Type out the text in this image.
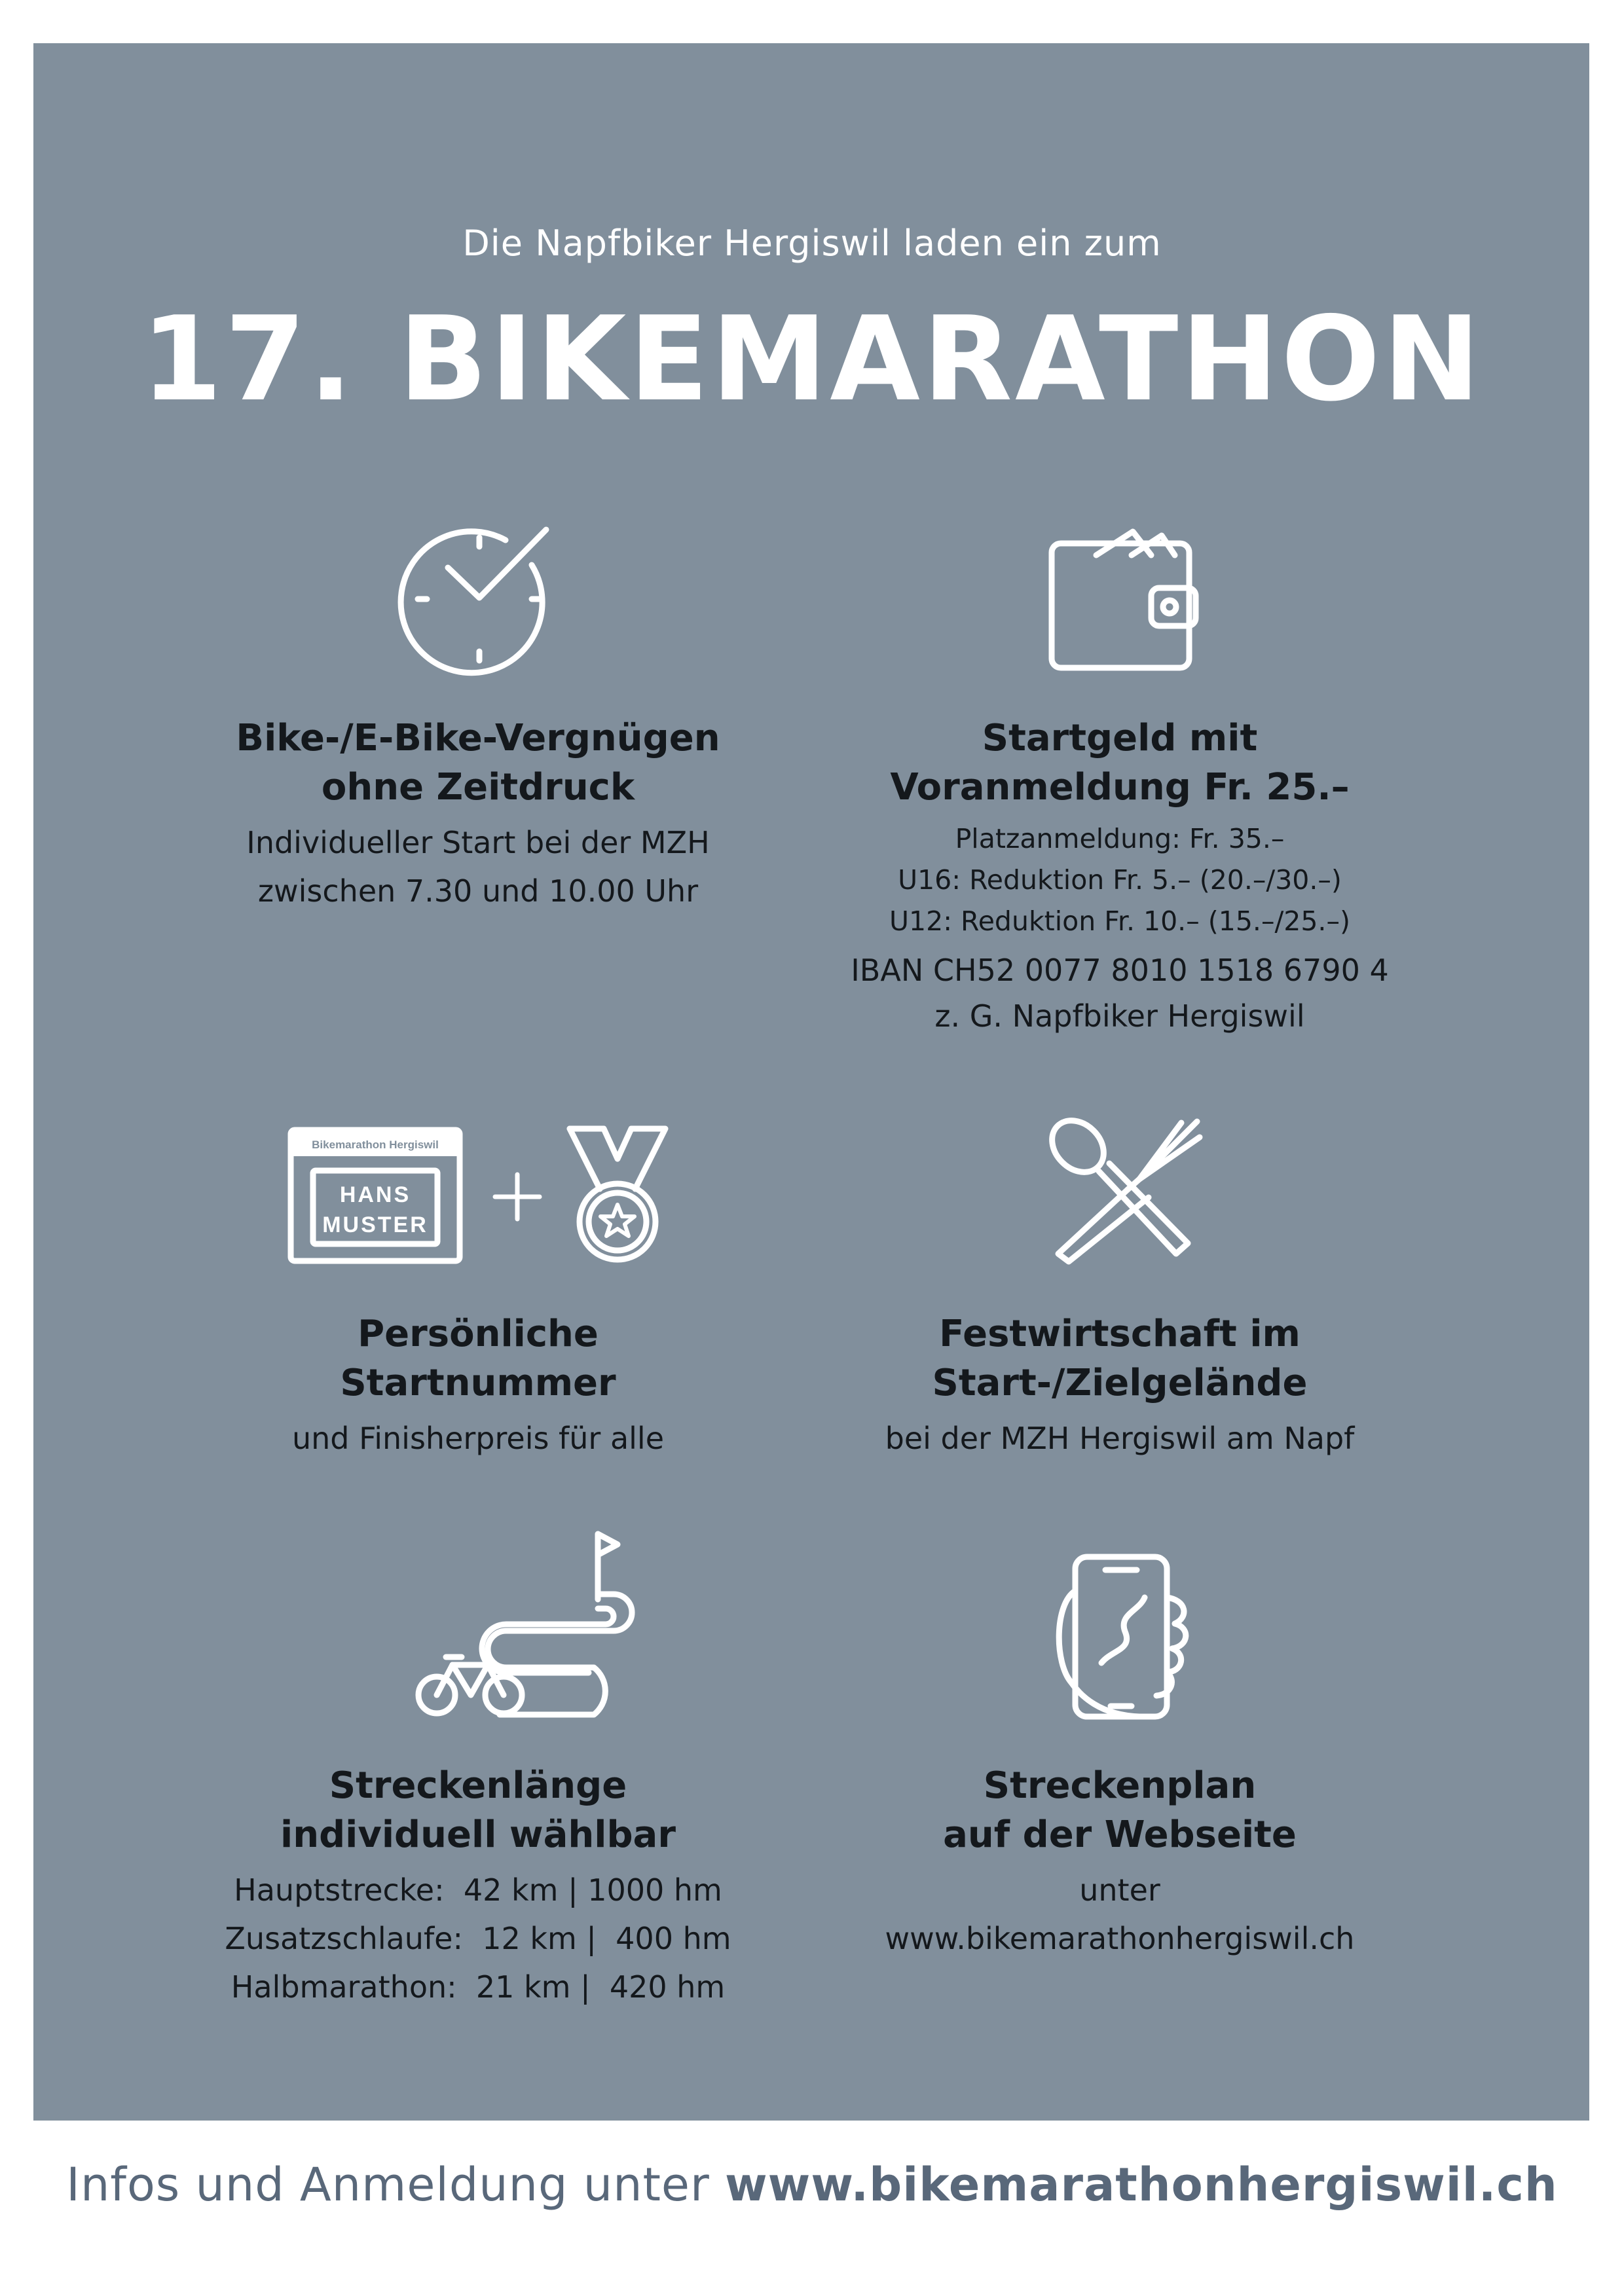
Die Napfbiker Hergiswil laden ein zum
17. BIKEMARATHON
Bike-/E-Bike-Vergnügen
ohne Zeitdruck
Individueller Start bei der MZH
zwischen 7.30 und 10.00 Uhr
Startgeld mit
Voranmeldung Fr. 25.–
Platzanmeldung: Fr. 35.–
U16: Reduktion Fr. 5.– (20.–/30.–)
U12: Reduktion Fr. 10.– (15.–/25.–)
IBAN CH52 0077 8010 1518 6790 4
z. G. Napfbiker Hergiswil
Bikemarathon Hergiswil
HANS
MUSTER
Persönliche
Startnummer
und Finisherpreis für alle
Festwirtschaft im
Start-/Zielgelände
bei der MZH Hergiswil am Napf
Streckenlänge
individuell wählbar
Hauptstrecke:  42 km | 1000 hm
Zusatzschlaufe:  12 km |  400 hm
Halbmarathon:  21 km |  420 hm
Streckenplan
auf der Webseite
unter
www.bikemarathonhergiswil.ch
Infos und Anmeldung unter www.bikemarathonhergiswil.ch
